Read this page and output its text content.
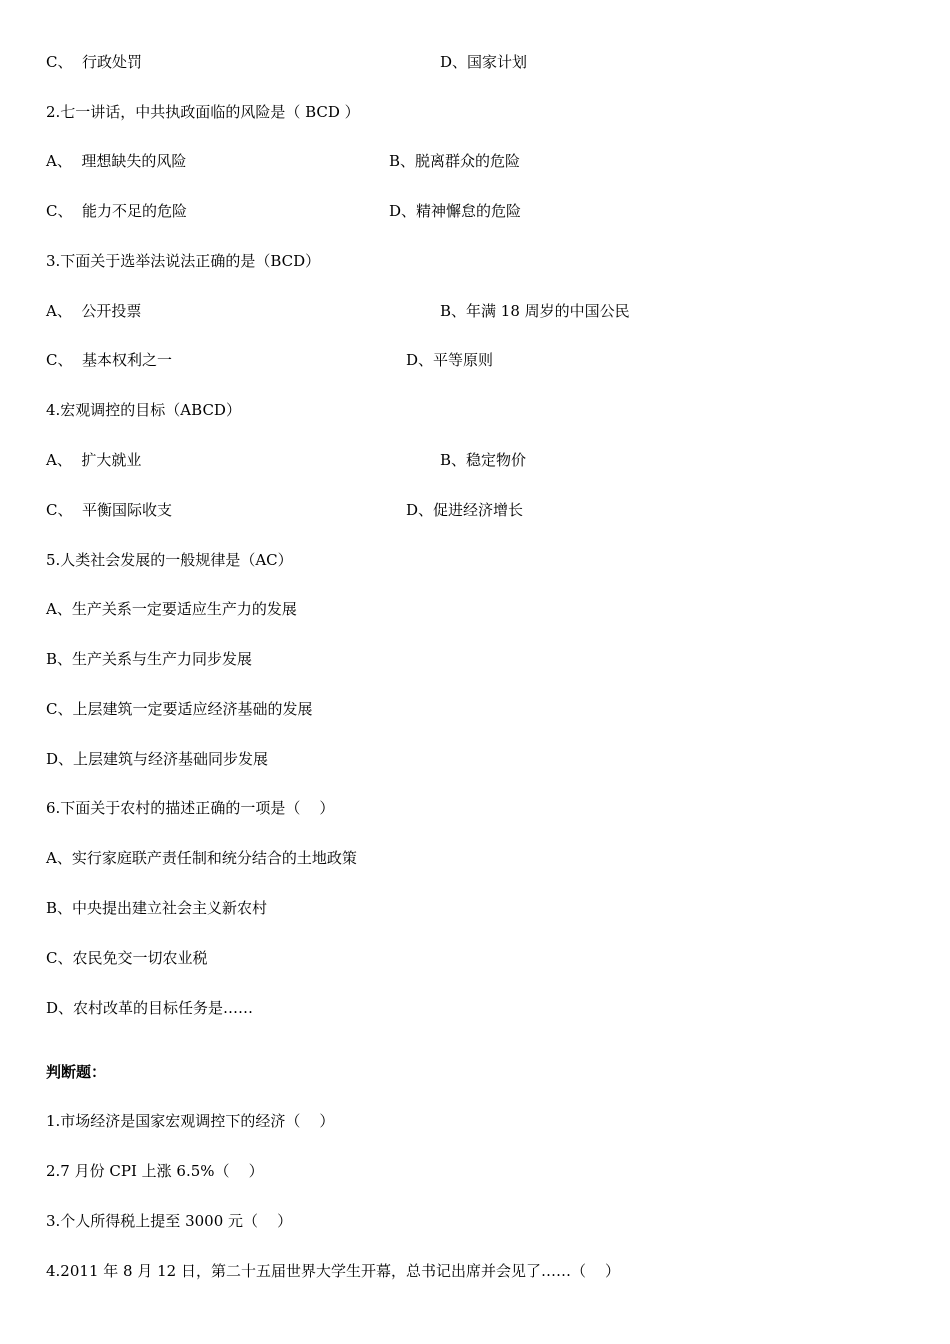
C、  行政处罚	D、国家计划
2.七一讲话，中共执政面临的风险是（ BCD ）
A、  理想缺失的风险	B、脱离群众的危险
C、  能力不足的危险	D、精神懈怠的危险
3.下面关于选举法说法正确的是（BCD）
A、  公开投票	B、年满 18 周岁的中国公民
C、  基本权利之一	D、平等原则
4.宏观调控的目标（ABCD）
A、  扩大就业	B、稳定物价
C、  平衡国际收支	D、促进经济增长
5.人类社会发展的一般规律是（AC）
A、生产关系一定要适应生产力的发展
B、生产关系与生产力同步发展
C、上层建筑一定要适应经济基础的发展
D、上层建筑与经济基础同步发展
6.下面关于农村的描述正确的一项是（    ）
A、实行家庭联产责任制和统分结合的土地政策
B、中央提出建立社会主义新农村
C、农民免交一切农业税
D、农村改革的目标任务是……
判断题：
1.市场经济是国家宏观调控下的经济（    ）
2.7 月份 CPI 上涨 6.5%（    ）
3.个人所得税上提至 3000 元（    ）
4.2011 年 8 月 12 日，第二十五届世界大学生开幕，总书记出席并会见了……（    ）
